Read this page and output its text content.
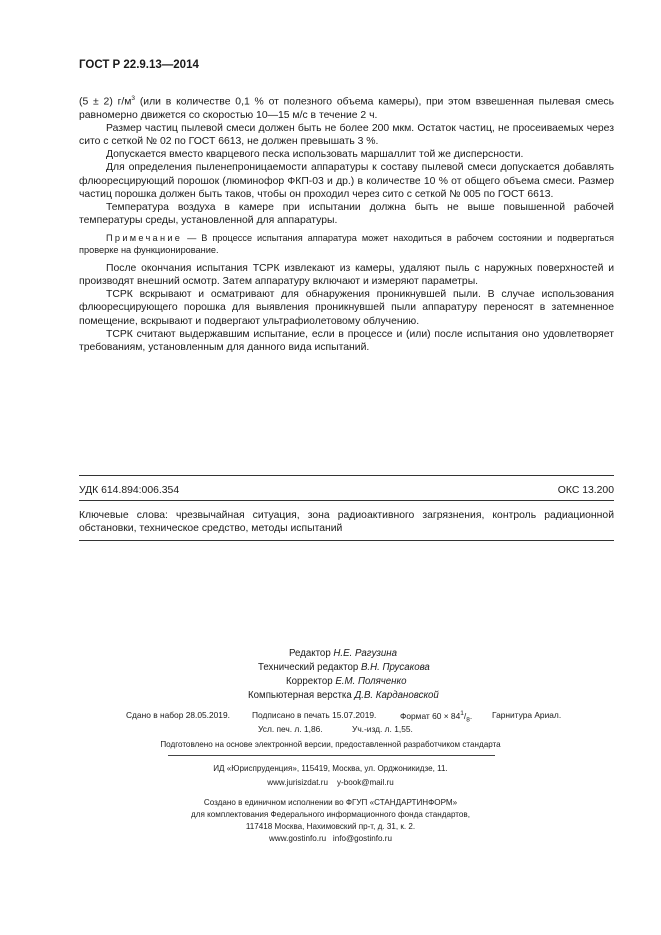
ГОСТ Р 22.9.13—2014

(5 ± 2) $г/м^3$ (или в количестве 0,1 % от полезного объема камеры), при этом взвешенная пылевая смесь равномерно движется со скоростью 10—15 м/с в течение 2 ч.

Размер частиц пылевой смеси должен быть не более 200 мкм. Остаток частиц, не просеиваемых через сито с сеткой № 02 по ГОСТ 6613, не должен превышать 3 %.

Допускается вместо кварцевого песка использовать маршаллит той же дисперсности.

Для определения пыленепроницаемости аппаратуры к составу пылевой смеси допускается добавлять флюоресцирующий порошок (люминофор ФКП-03 и др.) в количестве 10 % от общего объема смеси. Размер частиц порошка должен быть таков, чтобы он проходил через сито с сеткой № 005 по ГОСТ 6613.

Температура воздуха в камере при испытании должна быть не выше повышенной рабочей температуры среды, установленной для аппаратуры.

Примечание — В процессе испытания аппаратура может находиться в рабочем состоянии и подвергаться проверке на функционирование.

После окончания испытания ТСРК извлекают из камеры, удаляют пыль с наружных поверхностей и производят внешний осмотр. Затем аппаратуру включают и измеряют параметры.

ТСРК вскрывают и осматривают для обнаружения проникнувшей пыли. В случае использования флюоресцирующего порошка для выявления проникнувшей пыли аппаратуру переносят в затемненное помещение, вскрывают и подвергают ультрафиолетовому облучению.

ТСРК считают выдержавшим испытание, если в процессе и (или) после испытания оно удовлетворяет требованиям, установленным для данного вида испытаний.

УДК 614.894:006.354	ОКС 13.200
Ключевые слова: чрезвычайная ситуация, зона радиоактивного загрязнения, контроль радиационной обстановки, техническое средство, методы испытаний
Редактор Н.Е. Рагузина
Технический редактор В.Н. Прусакова
Корректор Е.М. Поляченко
Компьютерная верстка Д.В. Кардановской
Сдано в набор 28.05.2019.	Подписано в печать 15.07.2019.	Формат $60 \times 84^1/_8$. Гарнитура Ариал.
Усл. печ. л. 1,86.	Уч.-изд. л. 1,55.
Подготовлено на основе электронной версии, предоставленной разработчиком стандарта
ИД «Юриспруденция», 115419, Москва, ул. Орджоникидзе, 11.
www.jurisizdat.ru y-book@mail.ru
Создано в единичном исполнении во ФГУП «СТАНДАРТИНФОРМ»
для комплектования Федерального информационного фонда стандартов,
117418 Москва, Нахимовский пр-т, д. 31, к. 2.
www.gostinfo.ru info@gostinfo.ru
